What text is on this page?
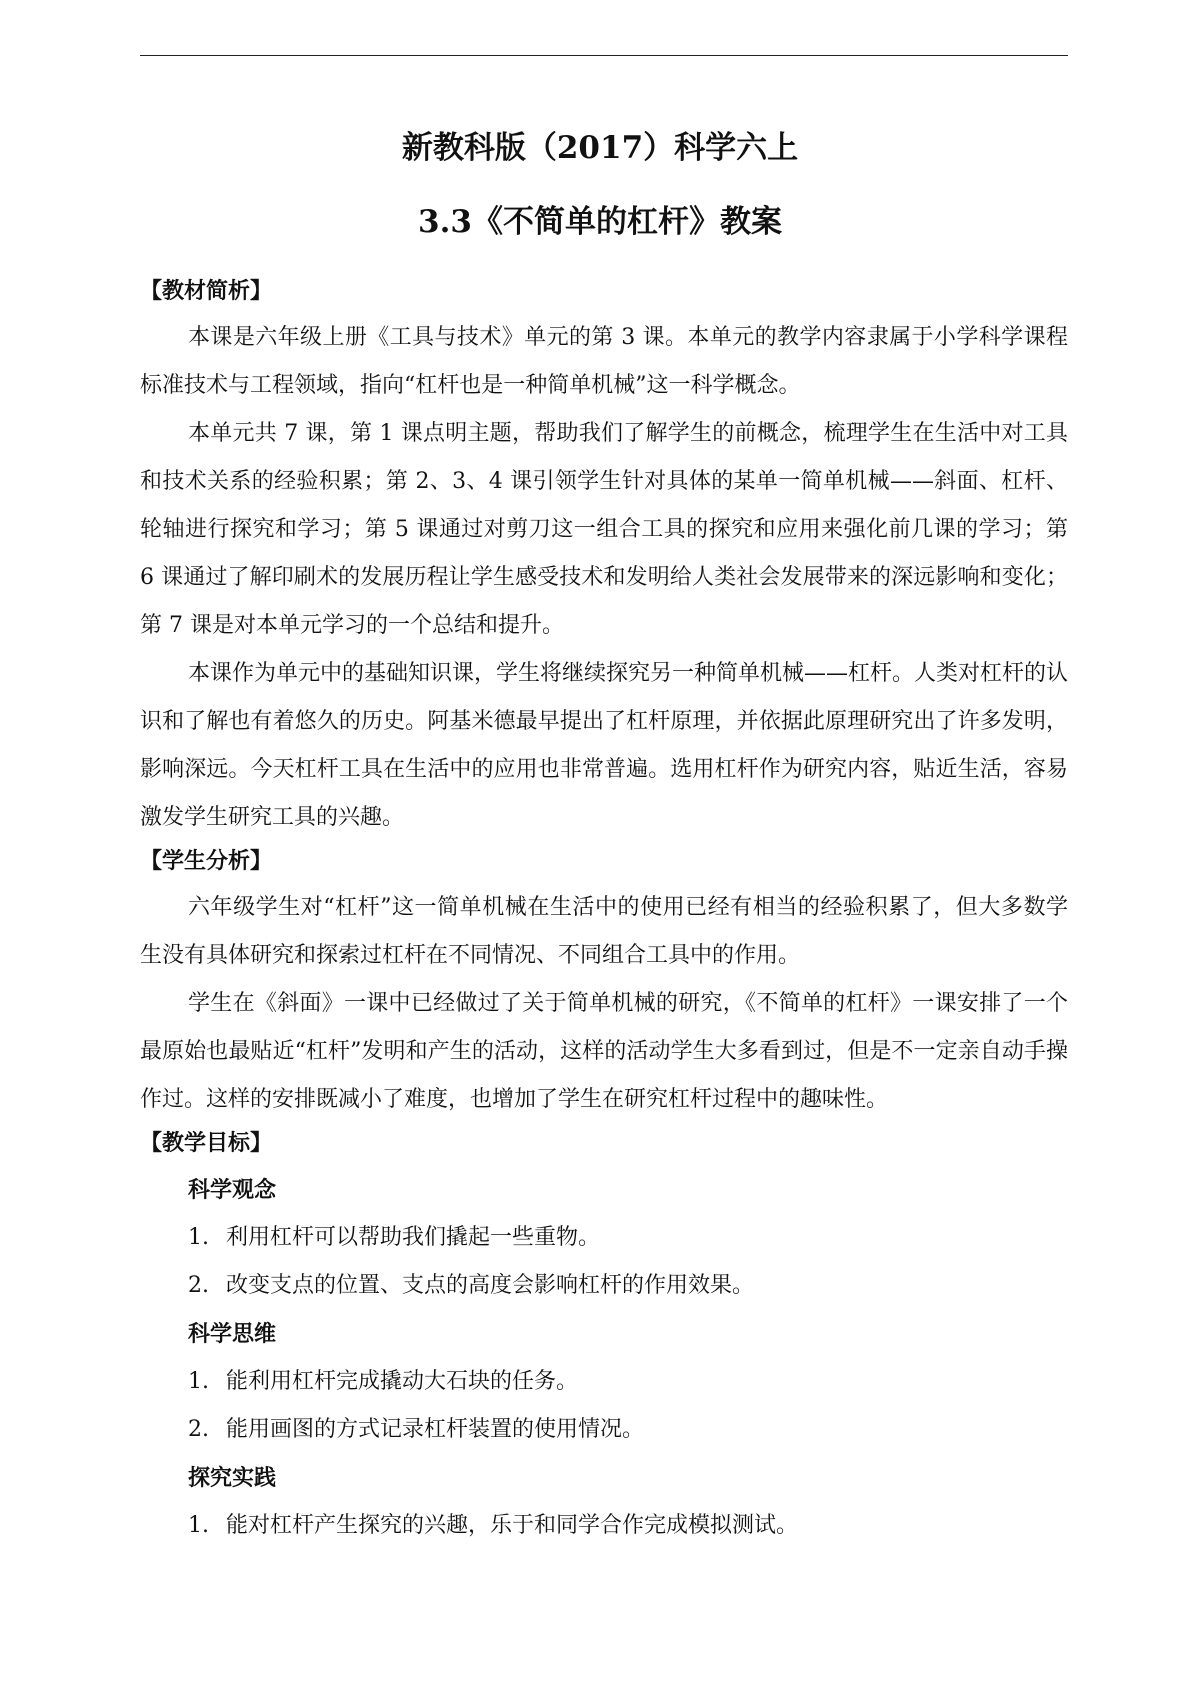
新教科版（2017）科学六上
3.3《不简单的杠杆》教案
【教材简析】

本课是六年级上册《工具与技术》单元的第 3 课。本单元的教学内容隶属于小学科学课程标准技术与工程领域，指向“杠杆也是一种简单机械”这一科学概念。

本单元共 7 课，第 1 课点明主题，帮助我们了解学生的前概念，梳理学生在生活中对工具和技术关系的经验积累；第 2、3、4 课引领学生针对具体的某单一简单机械——斜面、杠杆、轮轴进行探究和学习；第 5 课通过对剪刀这一组合工具的探究和应用来强化前几课的学习；第 6 课通过了解印刷术的发展历程让学生感受技术和发明给人类社会发展带来的深远影响和变化；第 7 课是对本单元学习的一个总结和提升。

本课作为单元中的基础知识课，学生将继续探究另一种简单机械——杠杆。人类对杠杆的认识和了解也有着悠久的历史。阿基米德最早提出了杠杆原理，并依据此原理研究出了许多发明，影响深远。今天杠杆工具在生活中的应用也非常普遍。选用杠杆作为研究内容，贴近生活，容易激发学生研究工具的兴趣。

【学生分析】

六年级学生对“杠杆”这一简单机械在生活中的使用已经有相当的经验积累了，但大多数学生没有具体研究和探索过杠杆在不同情况、不同组合工具中的作用。

学生在《斜面》一课中已经做过了关于简单机械的研究，《不简单的杠杆》一课安排了一个最原始也最贴近“杠杆”发明和产生的活动，这样的活动学生大多看到过，但是不一定亲自动手操作过。这样的安排既减小了难度，也增加了学生在研究杠杆过程中的趣味性。

【教学目标】
科学观念
1. 利用杠杆可以帮助我们撬起一些重物。
2. 改变支点的位置、支点的高度会影响杠杆的作用效果。
科学思维
1. 能利用杠杆完成撬动大石块的任务。
2. 能用画图的方式记录杠杆装置的使用情况。
探究实践
1. 能对杠杆产生探究的兴趣，乐于和同学合作完成模拟测试。
